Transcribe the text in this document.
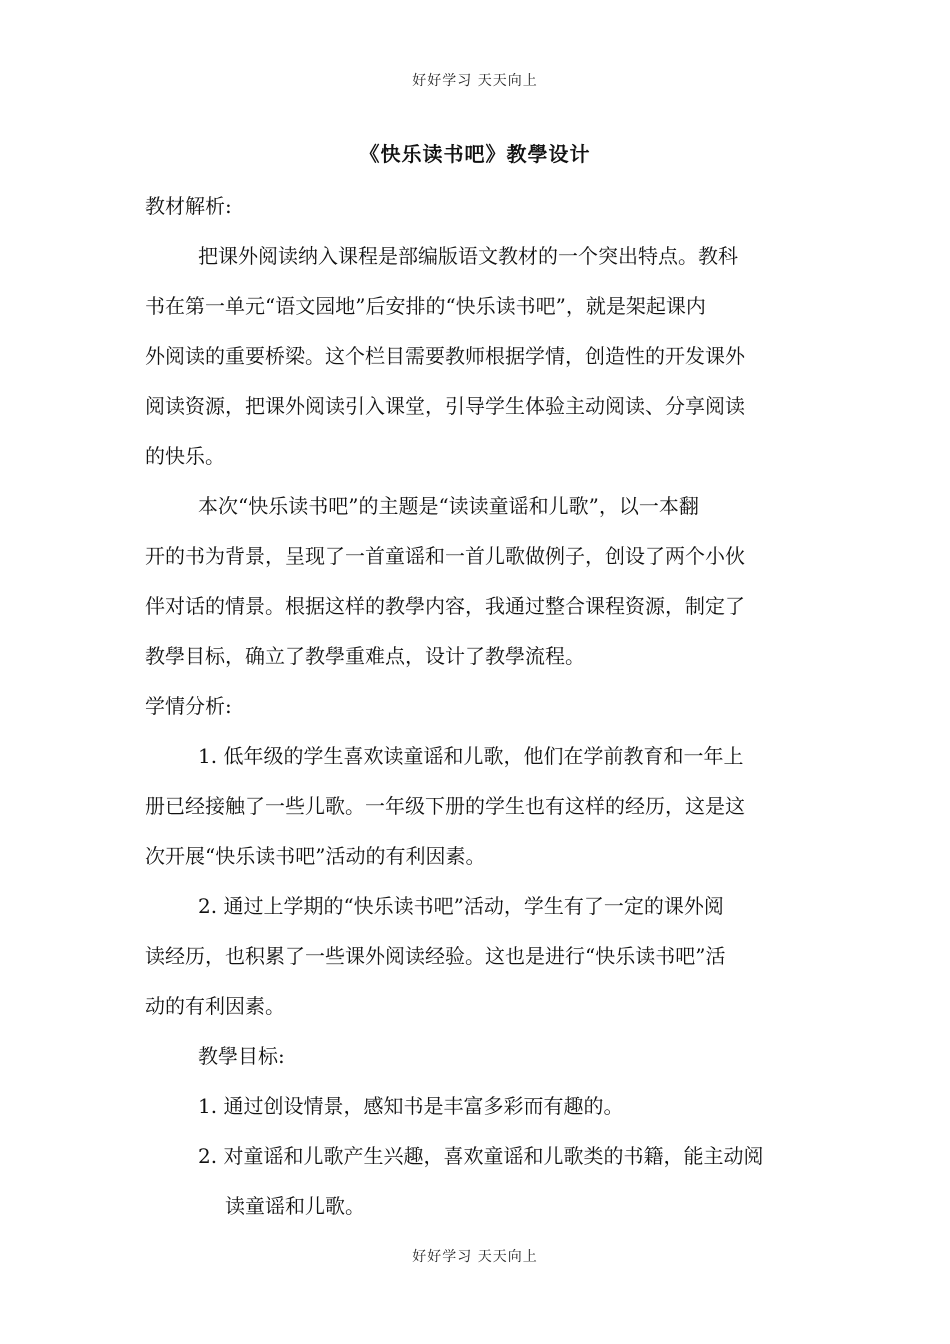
好好学习 天天向上
《快乐读书吧》教學设计
教材解析:
把课外阅读纳入课程是部编版语文教材的一个突出特点。教科
书在第一单元“语文园地”后安排的“快乐读书吧”，就是架起课内
外阅读的重要桥梁。这个栏目需要教师根据学情，创造性的开发课外
阅读资源，把课外阅读引入课堂，引导学生体验主动阅读、分享阅读
的快乐。
本次“快乐读书吧”的主题是“读读童谣和儿歌”，以一本翻
开的书为背景，呈现了一首童谣和一首儿歌做例子，创设了两个小伙
伴对话的情景。根据这样的教學内容，我通过整合课程资源，制定了
教學目标，确立了教學重难点，设计了教學流程。
学情分析:
1. 低年级的学生喜欢读童谣和儿歌，他们在学前教育和一年上
册已经接触了一些儿歌。一年级下册的学生也有这样的经历，这是这
次开展“快乐读书吧”活动的有利因素。
2. 通过上学期的“快乐读书吧”活动，学生有了一定的课外阅
读经历，也积累了一些课外阅读经验。这也是进行“快乐读书吧”活
动的有利因素。
教學目标:
1. 通过创设情景，感知书是丰富多彩而有趣的。
2. 对童谣和儿歌产生兴趣，喜欢童谣和儿歌类的书籍，能主动阅
读童谣和儿歌。
好好学习 天天向上
